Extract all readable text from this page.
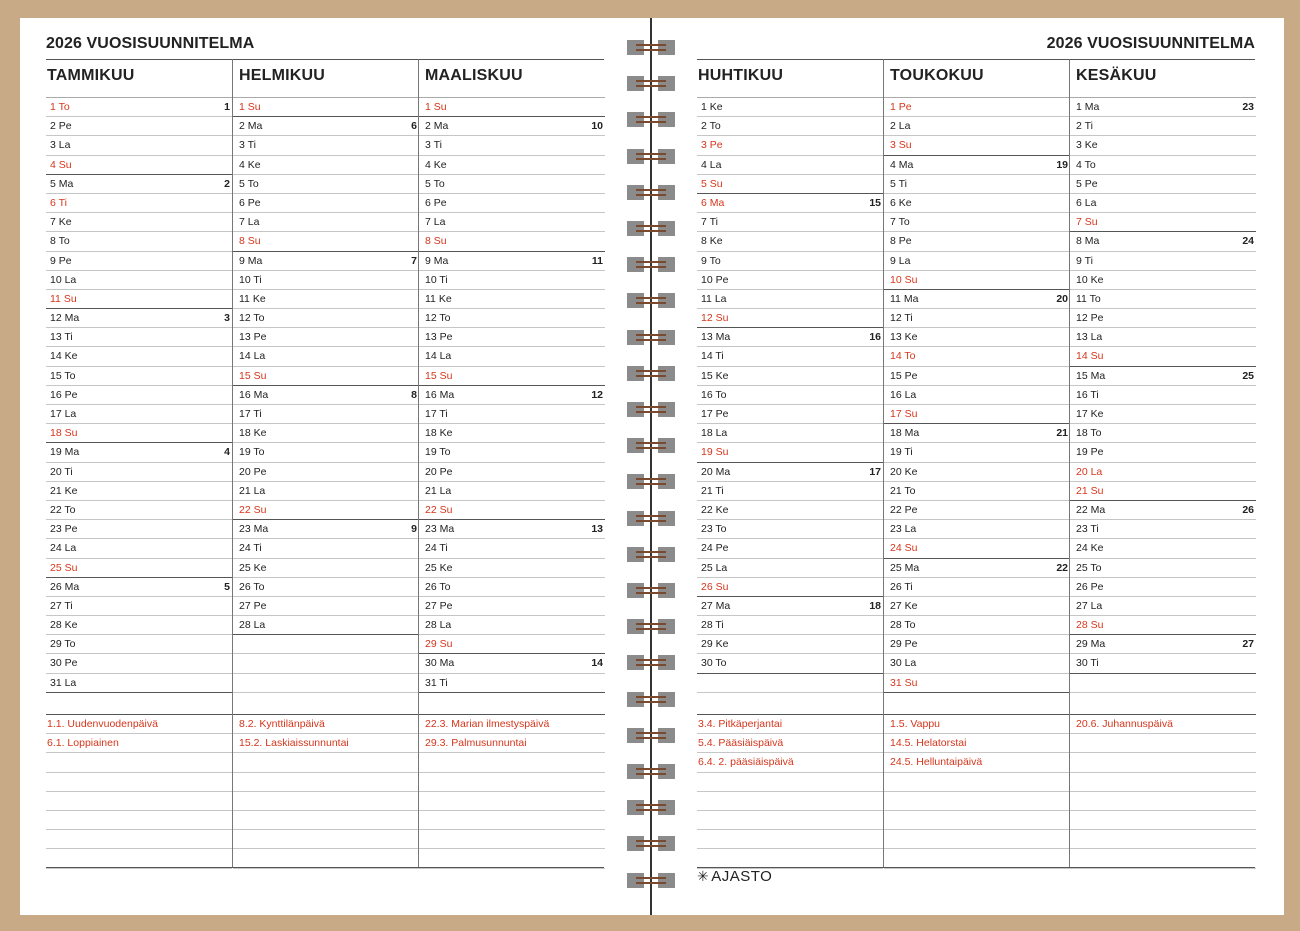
2026 VUOSISUUNNITELMA
TAMMIKUU
1 To	1
2 Pe
3 La
4 Su
5 Ma	2
6 Ti
7 Ke
8 To
9 Pe
10 La
11 Su
12 Ma	3
13 Ti
14 Ke
15 To
16 Pe
17 La
18 Su
19 Ma	4
20 Ti
21 Ke
22 To
23 Pe
24 La
25 Su
26 Ma	5
27 Ti
28 Ke
29 To
30 Pe
31 La
1.1. Uudenvuodenpäivä
6.1. Loppiainen
HELMIKUU
1 Su
2 Ma	6
3 Ti
4 Ke
5 To
6 Pe
7 La
8 Su
9 Ma	7
10 Ti
11 Ke
12 To
13 Pe
14 La
15 Su
16 Ma	8
17 Ti
18 Ke
19 To
20 Pe
21 La
22 Su
23 Ma	9
24 Ti
25 Ke
26 To
27 Pe
28 La
8.2. Kynttilänpäivä
15.2. Laskiaissunnuntai
MAALISKUU
1 Su
2 Ma	10
3 Ti
4 Ke
5 To
6 Pe
7 La
8 Su
9 Ma	11
10 Ti
11 Ke
12 To
13 Pe
14 La
15 Su
16 Ma	12
17 Ti
18 Ke
19 To
20 Pe
21 La
22 Su
23 Ma	13
24 Ti
25 Ke
26 To
27 Pe
28 La
29 Su
30 Ma	14
31 Ti
22.3. Marian ilmestyspäivä
29.3. Palmusunnuntai
2026 VUOSISUUNNITELMA
HUHTIKUU
1 Ke
2 To
3 Pe
4 La
5 Su
6 Ma	15
7 Ti
8 Ke
9 To
10 Pe
11 La
12 Su
13 Ma	16
14 Ti
15 Ke
16 To
17 Pe
18 La
19 Su
20 Ma	17
21 Ti
22 Ke
23 To
24 Pe
25 La
26 Su
27 Ma	18
28 Ti
29 Ke
30 To
3.4. Pitkäperjantai
5.4. Pääsiäispäivä
6.4. 2. pääsiäispäivä
TOUKOKUU
1 Pe
2 La
3 Su
4 Ma	19
5 Ti
6 Ke
7 To
8 Pe
9 La
10 Su
11 Ma	20
12 Ti
13 Ke
14 To
15 Pe
16 La
17 Su
18 Ma	21
19 Ti
20 Ke
21 To
22 Pe
23 La
24 Su
25 Ma	22
26 Ti
27 Ke
28 To
29 Pe
30 La
31 Su
1.5. Vappu
14.5. Helatorstai
24.5. Helluntaipäivä
KESÄKUU
1 Ma	23
2 Ti
3 Ke
4 To
5 Pe
6 La
7 Su
8 Ma	24
9 Ti
10 Ke
11 To
12 Pe
13 La
14 Su
15 Ma	25
16 Ti
17 Ke
18 To
19 Pe
20 La
21 Su
22 Ma	26
23 Ti
24 Ke
25 To
26 Pe
27 La
28 Su
29 Ma	27
30 Ti
20.6. Juhannuspäivä
✳ AJASTO
